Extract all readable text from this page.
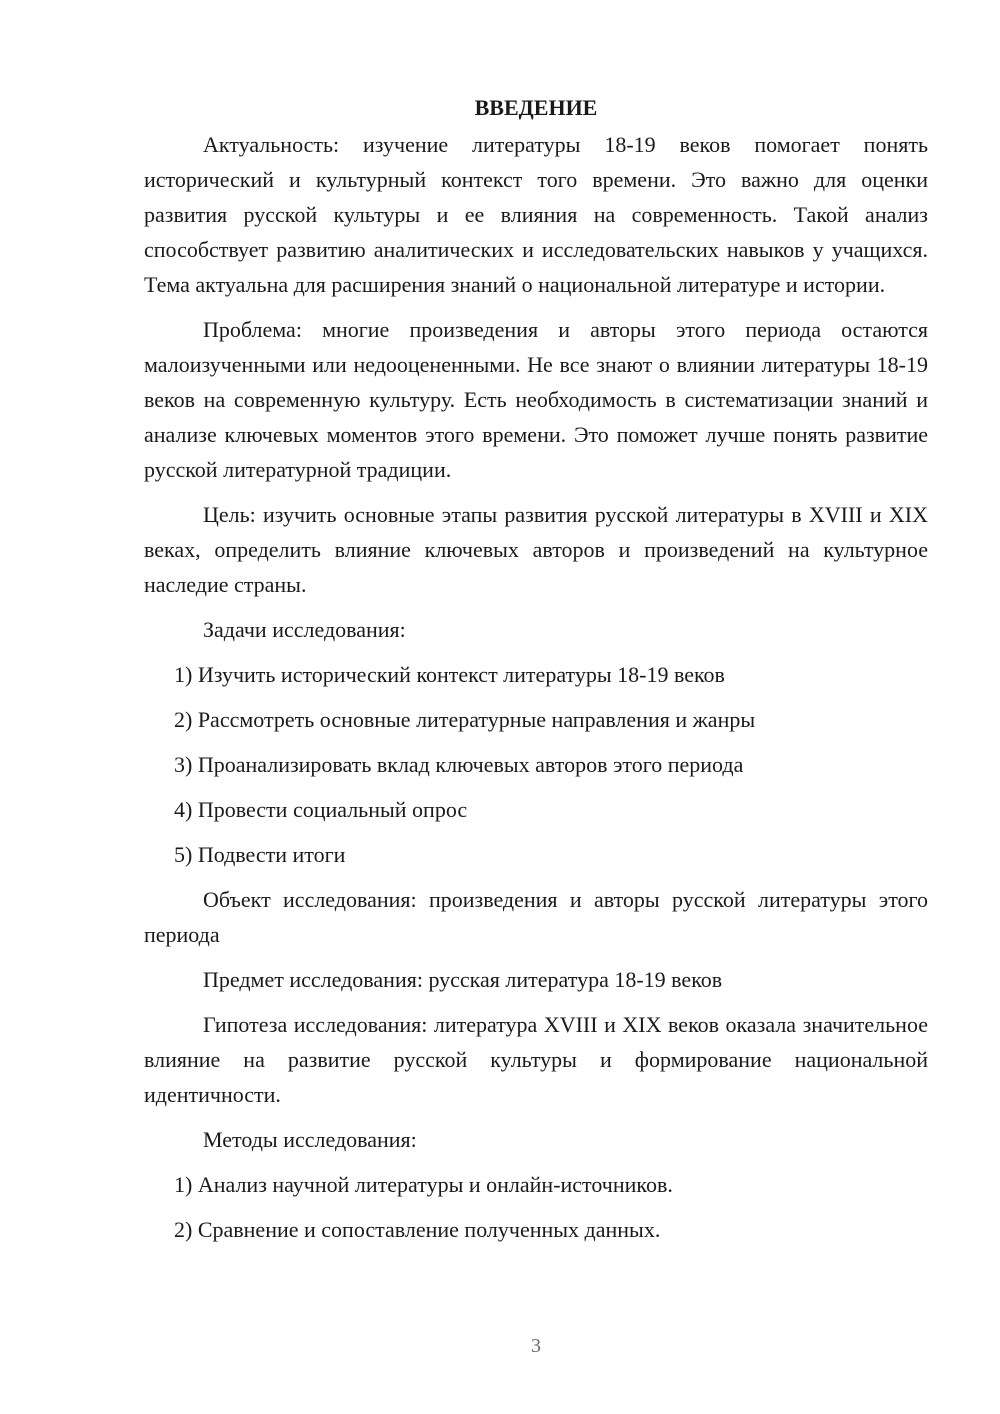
ВВЕДЕНИЕ

Актуальность: изучение литературы 18-19 веков помогает понять исторический и культурный контекст того времени. Это важно для оценки развития русской культуры и ее влияния на современность. Такой анализ способствует развитию аналитических и исследовательских навыков у учащихся. Тема актуальна для расширения знаний о национальной литературе и истории.

Проблема: многие произведения и авторы этого периода остаются малоизученными или недооцененными. Не все знают о влиянии литературы 18-19 веков на современную культуру. Есть необходимость в систематизации знаний и анализе ключевых моментов этого времени. Это поможет лучше понять развитие русской литературной традиции.

Цель: изучить основные этапы развития русской литературы в XVIII и XIX веках, определить влияние ключевых авторов и произведений на культурное наследие страны.

Задачи исследования:

1) Изучить исторический контекст литературы 18-19 веков

2) Рассмотреть основные литературные направления и жанры

3) Проанализировать вклад ключевых авторов этого периода

4) Провести социальный опрос

5) Подвести итоги

Объект исследования: произведения и авторы русской литературы этого периода

Предмет исследования: русская литература 18-19 веков

Гипотеза исследования: литература XVIII и XIX веков оказала значительное влияние на развитие русской культуры и формирование национальной идентичности.

Методы исследования:

1) Анализ научной литературы и онлайн-источников.

2) Сравнение и сопоставление полученных данных.

3
